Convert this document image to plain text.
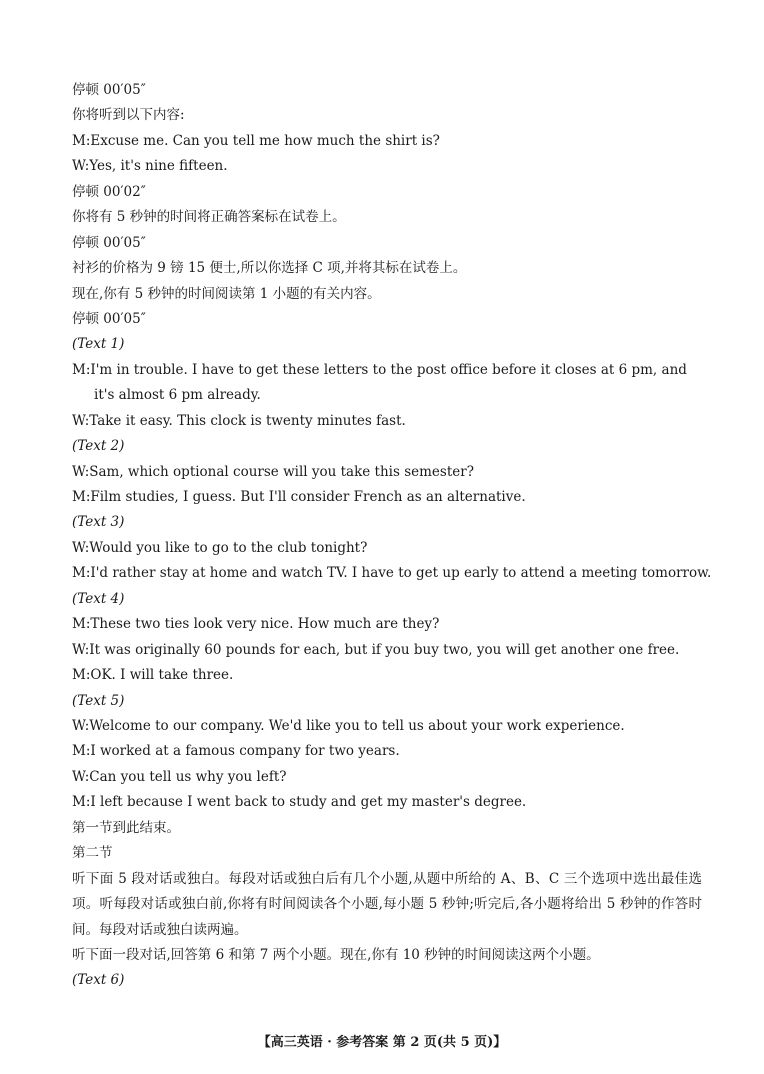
停顿 00′05″
你将听到以下内容:
M:Excuse me. Can you tell me how much the shirt is?
W:Yes, it's nine fifteen.
停顿 00′02″
你将有 5 秒钟的时间将正确答案标在试卷上。
停顿 00′05″
衬衫的价格为 9 镑 15 便士,所以你选择 C 项,并将其标在试卷上。
现在,你有 5 秒钟的时间阅读第 1 小题的有关内容。
停顿 00′05″
(Text 1)
M:I'm in trouble. I have to get these letters to the post office before it closes at 6 pm, and it's almost 6 pm already.
W:Take it easy. This clock is twenty minutes fast.
(Text 2)
W:Sam, which optional course will you take this semester?
M:Film studies, I guess. But I'll consider French as an alternative.
(Text 3)
W:Would you like to go to the club tonight?
M:I'd rather stay at home and watch TV. I have to get up early to attend a meeting tomorrow.
(Text 4)
M:These two ties look very nice. How much are they?
W:It was originally 60 pounds for each, but if you buy two, you will get another one free.
M:OK. I will take three.
(Text 5)
W:Welcome to our company. We'd like you to tell us about your work experience.
M:I worked at a famous company for two years.
W:Can you tell us why you left?
M:I left because I went back to study and get my master's degree.
第一节到此结束。
第二节
听下面 5 段对话或独白。每段对话或独白后有几个小题,从题中所给的 A、B、C 三个选项中选出最佳选项。听每段对话或独白前,你将有时间阅读各个小题,每小题 5 秒钟;听完后,各小题将给出 5 秒钟的作答时间。每段对话或独白读两遍。
听下面一段对话,回答第 6 和第 7 两个小题。现在,你有 10 秒钟的时间阅读这两个小题。
(Text 6)
【高三英语 · 参考答案 第 2 页(共 5 页)】
